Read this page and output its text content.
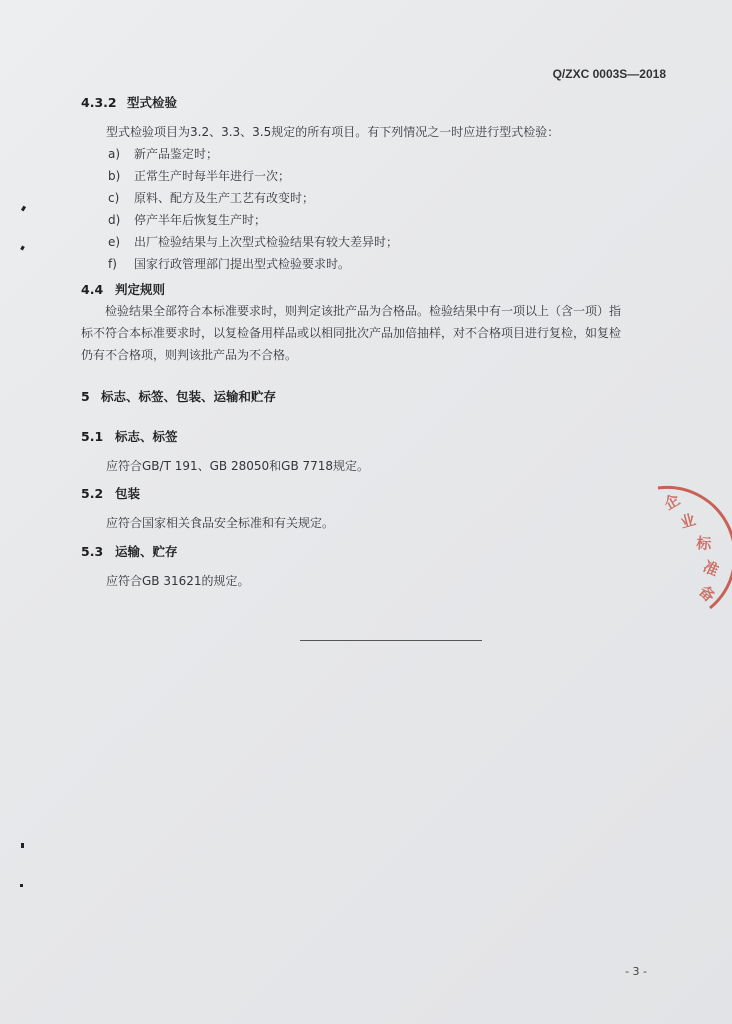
Q/ZXC 0003S—2018
4.3.2 型式检验
型式检验项目为3.2、3.3、3.5规定的所有项目。有下列情况之一时应进行型式检验：
a) 新产品鉴定时；
b) 正常生产时每半年进行一次；
c) 原料、配方及生产工艺有改变时；
d) 停产半年后恢复生产时；
e) 出厂检验结果与上次型式检验结果有较大差异时；
f) 国家行政管理部门提出型式检验要求时。
4.4 判定规则
检验结果全部符合本标准要求时，则判定该批产品为合格品。检验结果中有一项以上（含一项）指
标不符合本标准要求时，以复检备用样品或以相同批次产品加倍抽样，对不合格项目进行复检，如复检
仍有不合格项，则判该批产品为不合格。
5 标志、标签、包装、运输和贮存
5.1 标志、标签
应符合GB/T 191、GB 28050和GB 7718规定。
5.2 包装
应符合国家相关食品安全标准和有关规定。
5.3 运输、贮存
应符合GB 31621的规定。
企
业
标
准
备
- 3 -
